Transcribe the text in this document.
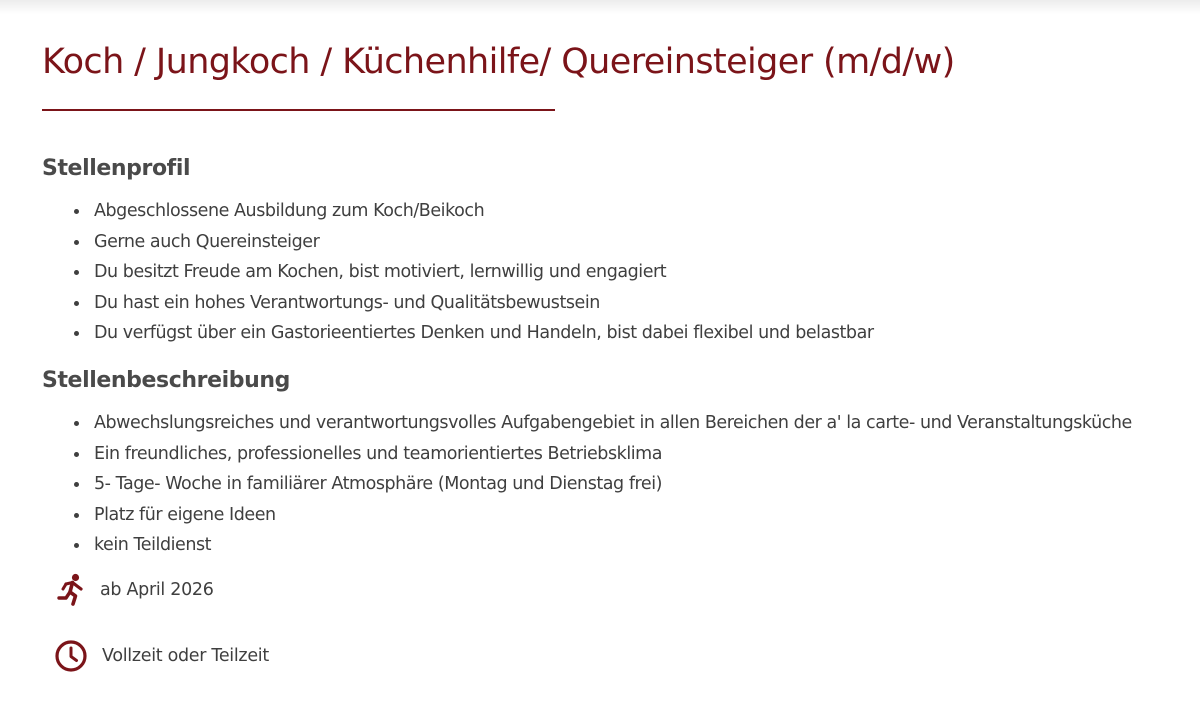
Koch / Jungkoch / Küchenhilfe/ Quereinsteiger (m/d/w)
Stellenprofil
Abgeschlossene Ausbildung zum Koch/Beikoch
Gerne auch Quereinsteiger
Du besitzt Freude am Kochen, bist motiviert, lernwillig und engagiert
Du hast ein hohes Verantwortungs- und Qualitätsbewustsein
Du verfügst über ein Gastorieentiertes Denken und Handeln, bist dabei flexibel und belastbar
Stellenbeschreibung
Abwechslungsreiches und verantwortungsvolles Aufgabengebiet in allen Bereichen der a' la carte- und Veranstaltungsküche
Ein freundliches, professionelles und teamorientiertes Betriebsklima
5- Tage- Woche in familiärer Atmosphäre (Montag und Dienstag frei)
Platz für eigene Ideen
kein Teildienst
ab April 2026
Vollzeit oder Teilzeit
